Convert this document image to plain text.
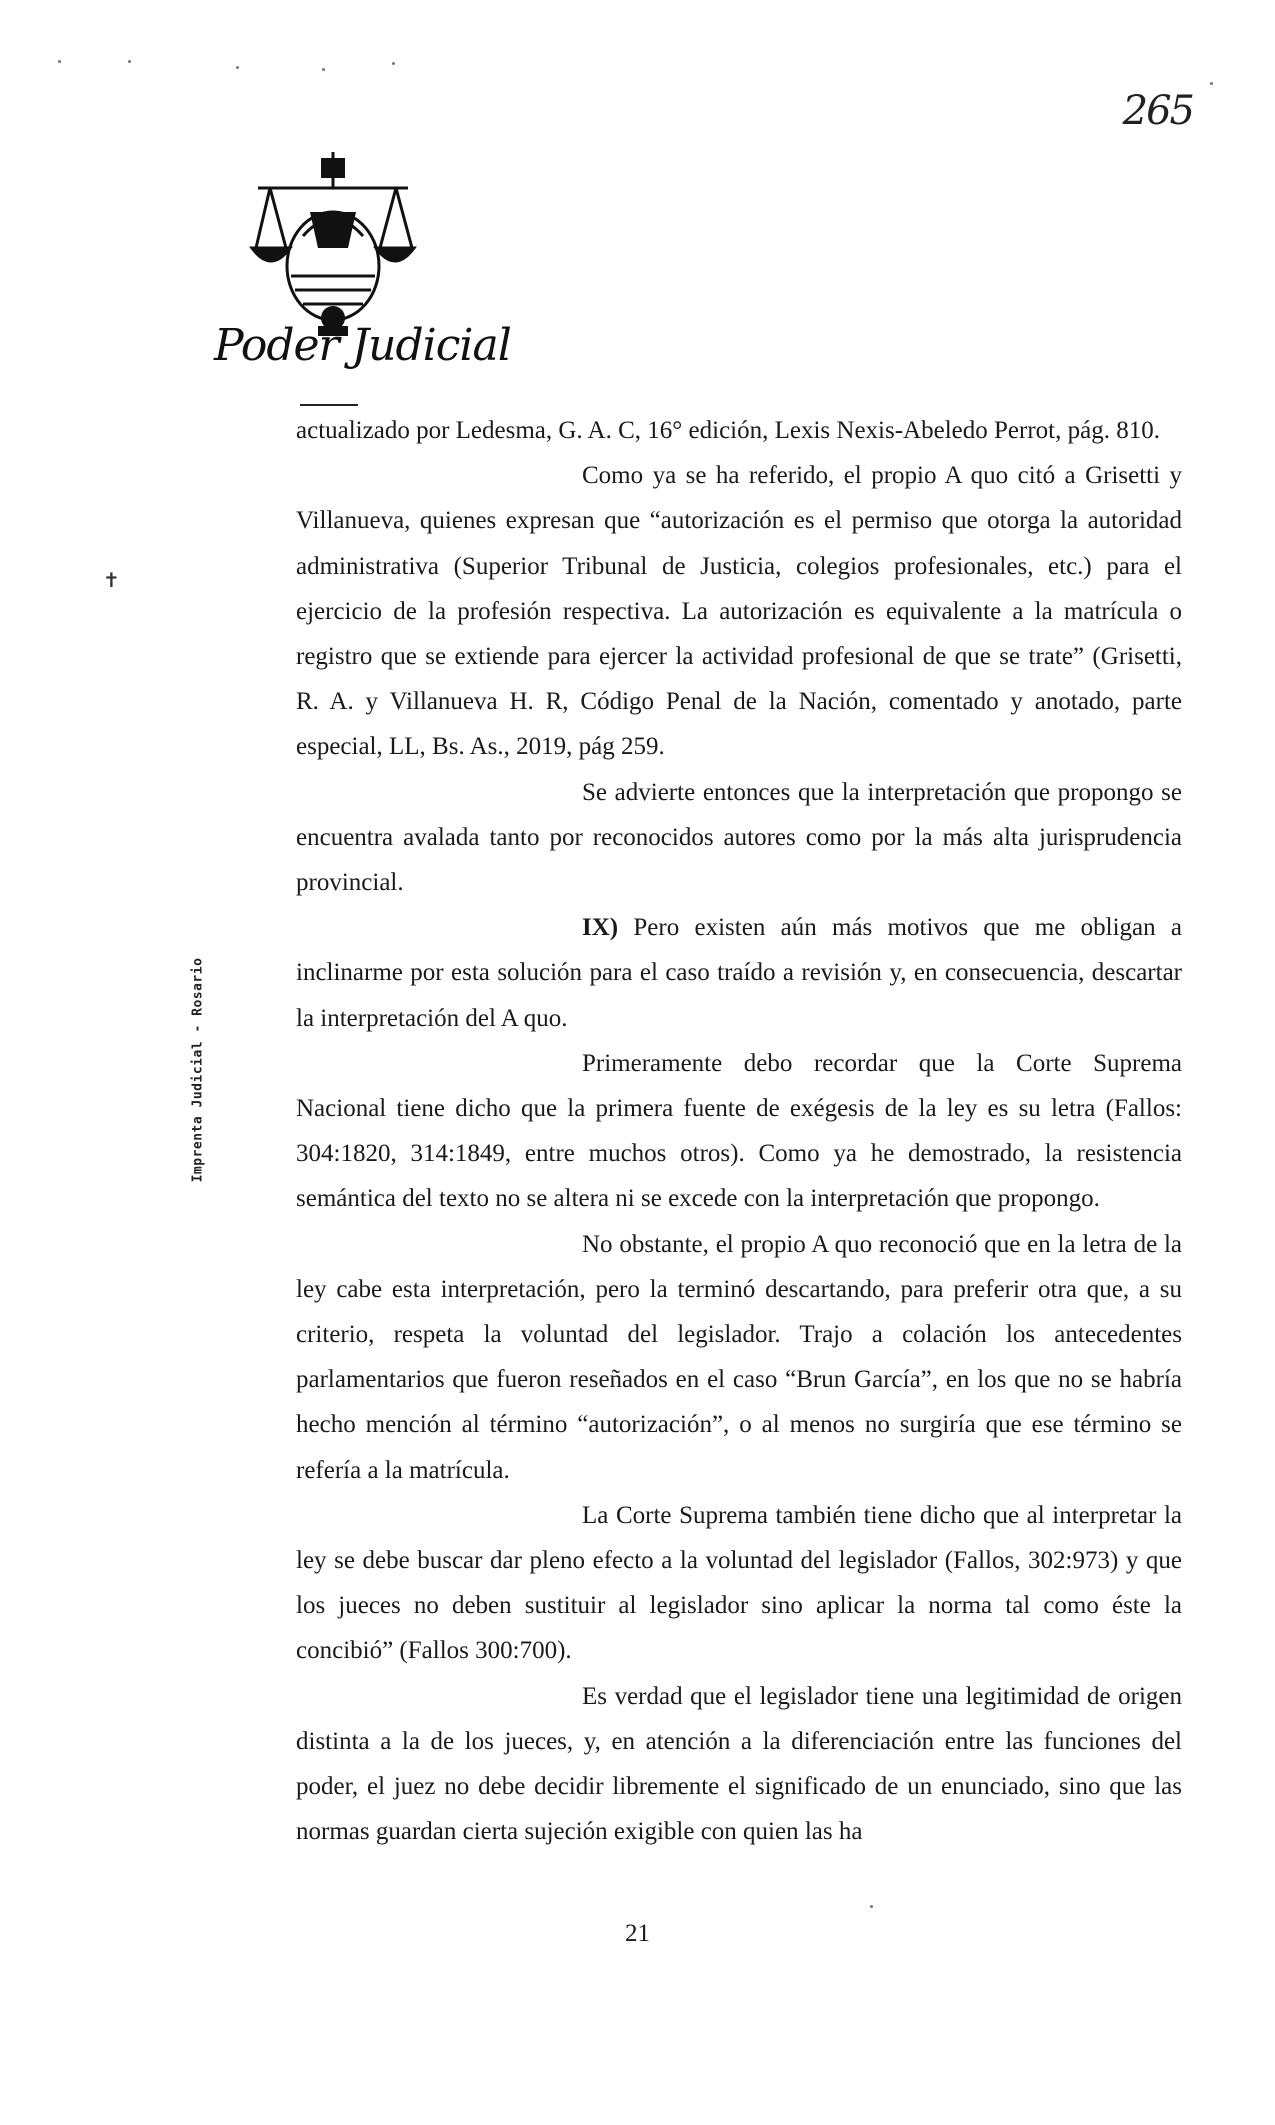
265
Poder Judicial
✝
Imprenta Judicial - Rosario

actualizado por Ledesma, G. A. C, 16° edición, Lexis Nexis-Abeledo Perrot, pág. 810.

Como ya se ha referido, el propio A quo citó a Grisetti y Villanueva, quienes expresan que “autorización es el permiso que otorga la autoridad administrativa (Superior Tribunal de Justicia, colegios profesionales, etc.) para el ejercicio de la profesión respectiva. La autorización es equivalente a la matrícula o registro que se extiende para ejercer la actividad profesional de que se trate” (Grisetti, R. A. y Villanueva H. R, Código Penal de la Nación, comentado y anotado, parte especial, LL, Bs. As., 2019, pág 259.

Se advierte entonces que la interpretación que propongo se encuentra avalada tanto por reconocidos autores como por la más alta jurisprudencia provincial.

IX) Pero existen aún más motivos que me obligan a inclinarme por esta solución para el caso traído a revisión y, en consecuencia, descartar la interpretación del A quo.

Primeramente debo recordar que la Corte Suprema Nacional tiene dicho que la primera fuente de exégesis de la ley es su letra (Fallos: 304:1820, 314:1849, entre muchos otros). Como ya he demostrado, la resistencia semántica del texto no se altera ni se excede con la interpretación que propongo.

No obstante, el propio A quo reconoció que en la letra de la ley cabe esta interpretación, pero la terminó descartando, para preferir otra que, a su criterio, respeta la voluntad del legislador. Trajo a colación los antecedentes parlamentarios que fueron reseñados en el caso “Brun García”, en los que no se habría hecho mención al término “autorización”, o al menos no surgiría que ese término se refería a la matrícula.

La Corte Suprema también tiene dicho que al interpretar la ley se debe buscar dar pleno efecto a la voluntad del legislador (Fallos, 302:973) y que los jueces no deben sustituir al legislador sino aplicar la norma tal como éste la concibió” (Fallos 300:700).

Es verdad que el legislador tiene una legitimidad de origen distinta a la de los jueces, y, en atención a la diferenciación entre las funciones del poder, el juez no debe decidir libremente el significado de un enunciado, sino que las normas guardan cierta sujeción exigible con quien las ha

21
